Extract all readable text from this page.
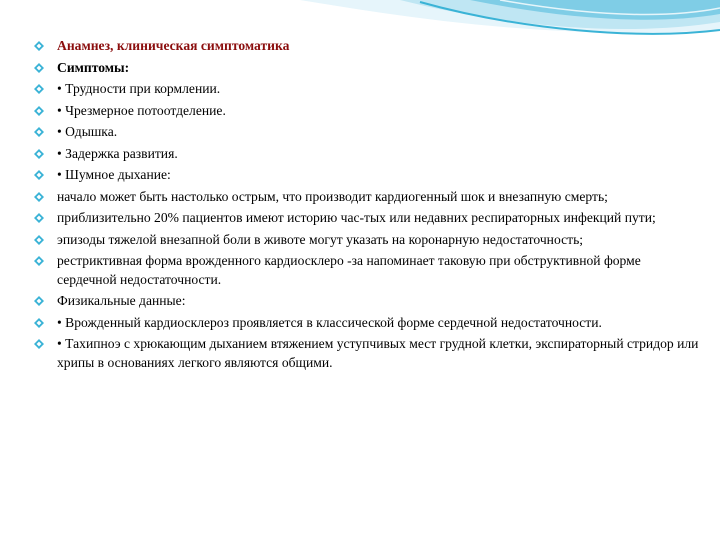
Анамнез, клиническая симптоматика
Симптомы:
• Трудности при кормлении.
• Чрезмерное потоотделение.
• Одышка.
• Задержка развития.
• Шумное дыхание:
начало может быть настолько острым, что производит кардиогенный шок и внезапную смерть;
приблизительно 20% пациентов имеют историю час-тых или недавних респираторных инфекций пути;
эпизоды тяжелой внезапной боли в животе могут указать на коронарную недостаточность;
рестриктивная форма врожденного кардиосклеро -за напоминает таковую при обструктивной форме сердечной недостаточности.
Физикальные данные:
• Врожденный кардиосклероз проявляется в классической форме сердечной недостаточности.
• Тахипноэ с хрюкающим дыханием втяжением уступчивых мест грудной клетки, экспираторный стридор или хрипы в основаниях легкого являются общими.
